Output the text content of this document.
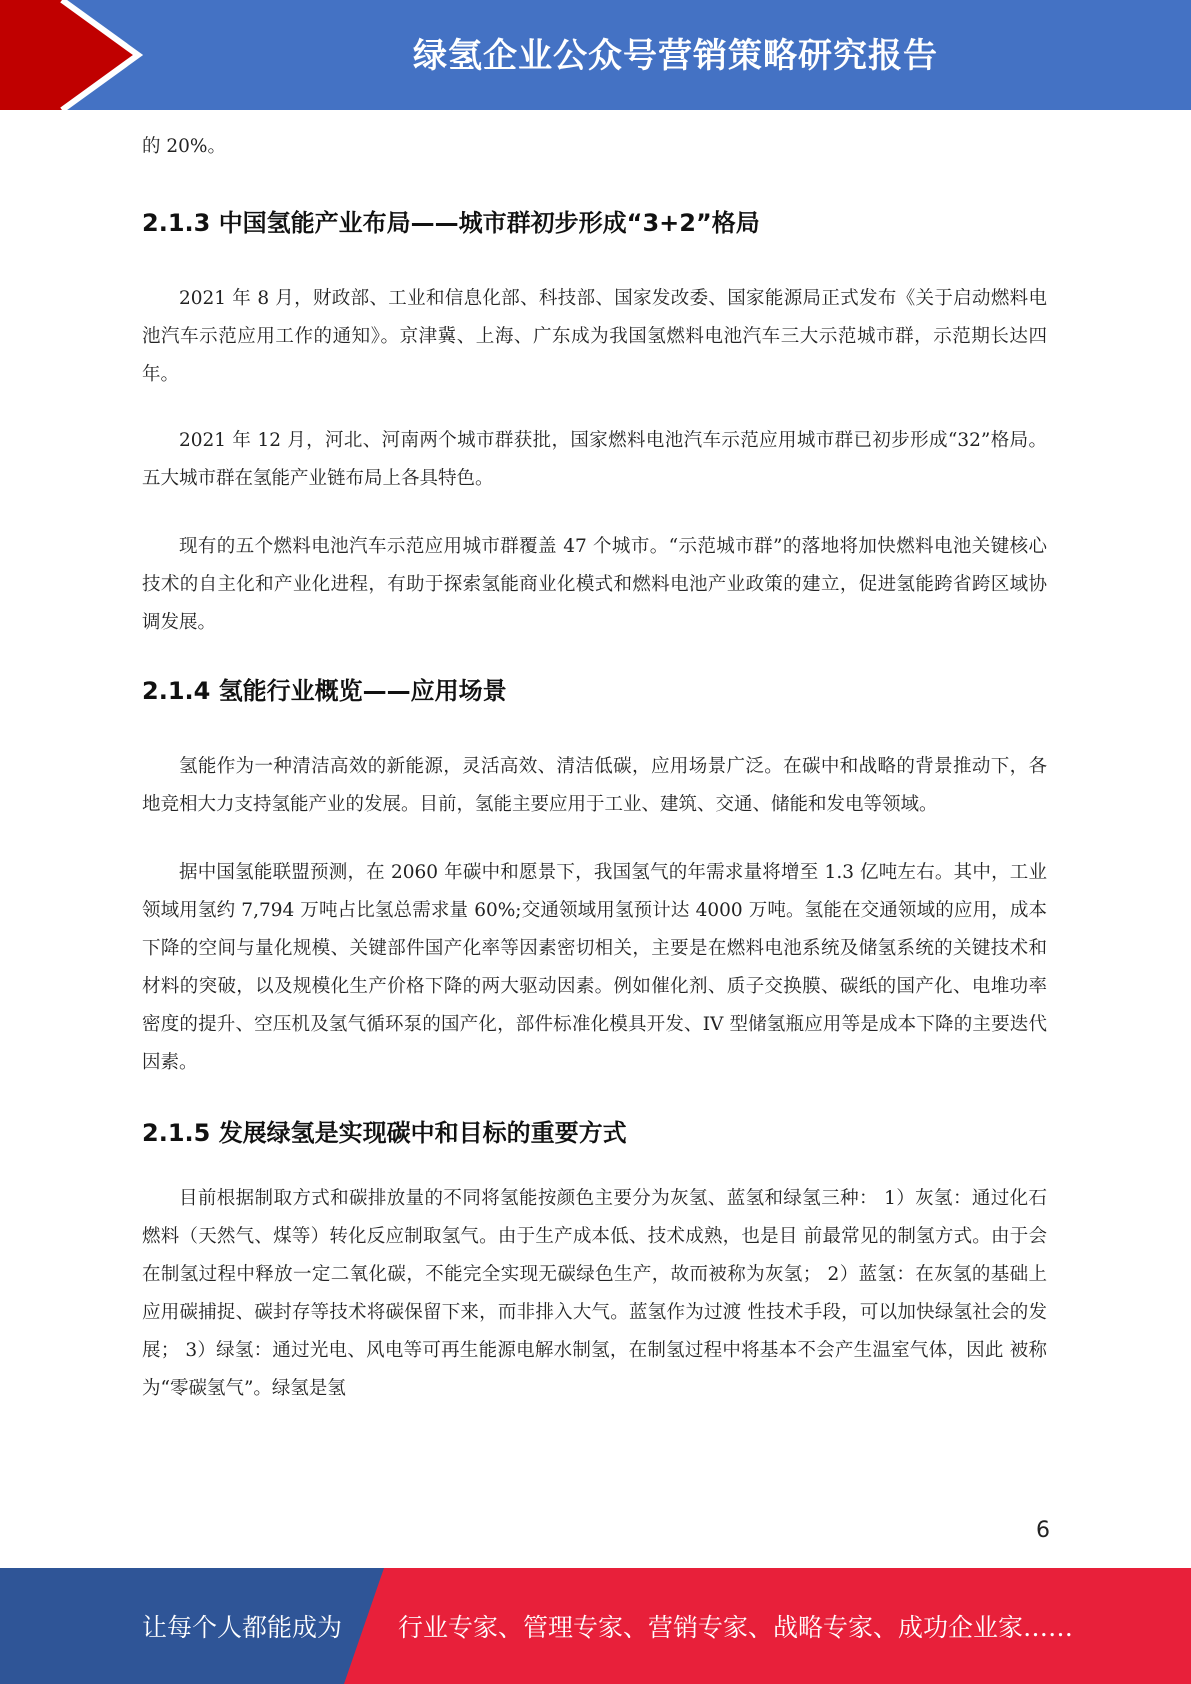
绿氢企业公众号营销策略研究报告

的 20%。

2.1.3 中国氢能产业布局——城市群初步形成“3+2”格局

2021 年 8 月，财政部、工业和信息化部、科技部、国家发改委、国家能源局正式发布《关于启动燃料电池汽车示范应用工作的通知》。京津冀、上海、广东成为我国氢燃料电池汽车三大示范城市群，示范期长达四年。

2021 年 12 月，河北、河南两个城市群获批，国家燃料电池汽车示范应用城市群已初步形成“32”格局。五大城市群在氢能产业链布局上各具特色。

现有的五个燃料电池汽车示范应用城市群覆盖 47 个城市。“示范城市群”的落地将加快燃料电池关键核心技术的自主化和产业化进程，有助于探索氢能商业化模式和燃料电池产业政策的建立，促进氢能跨省跨区域协调发展。

2.1.4 氢能行业概览——应用场景

氢能作为一种清洁高效的新能源，灵活高效、清洁低碳，应用场景广泛。在碳中和战略的背景推动下，各地竞相大力支持氢能产业的发展。目前，氢能主要应用于工业、建筑、交通、储能和发电等领域。

据中国氢能联盟预测，在 2060 年碳中和愿景下，我国氢气的年需求量将增至 1.3 亿吨左右。其中，工业领域用氢约 7,794 万吨占比氢总需求量 60%;交通领域用氢预计达 4000 万吨。氢能在交通领域的应用，成本下降的空间与量化规模、关键部件国产化率等因素密切相关，主要是在燃料电池系统及储氢系统的关键技术和材料的突破，以及规模化生产价格下降的两大驱动因素。例如催化剂、质子交换膜、碳纸的国产化、电堆功率密度的提升、空压机及氢气循环泵的国产化，部件标准化模具开发、IV 型储氢瓶应用等是成本下降的主要迭代因素。

2.1.5 发展绿氢是实现碳中和目标的重要方式

目前根据制取方式和碳排放量的不同将氢能按颜色主要分为灰氢、蓝氢和绿氢三种： 1）灰氢：通过化石燃料（天然气、煤等）转化反应制取氢气。由于生产成本低、技术成熟，也是目 前最常见的制氢方式。由于会在制氢过程中释放一定二氧化碳，不能完全实现无碳绿色生产，故而被称为灰氢； 2）蓝氢：在灰氢的基础上应用碳捕捉、碳封存等技术将碳保留下来，而非排入大气。蓝氢作为过渡 性技术手段，可以加快绿氢社会的发展； 3）绿氢：通过光电、风电等可再生能源电解水制氢，在制氢过程中将基本不会产生温室气体，因此 被称为“零碳氢气”。绿氢是氢

6
让每个人都能成为 行业专家、管理专家、营销专家、战略专家、成功企业家……
